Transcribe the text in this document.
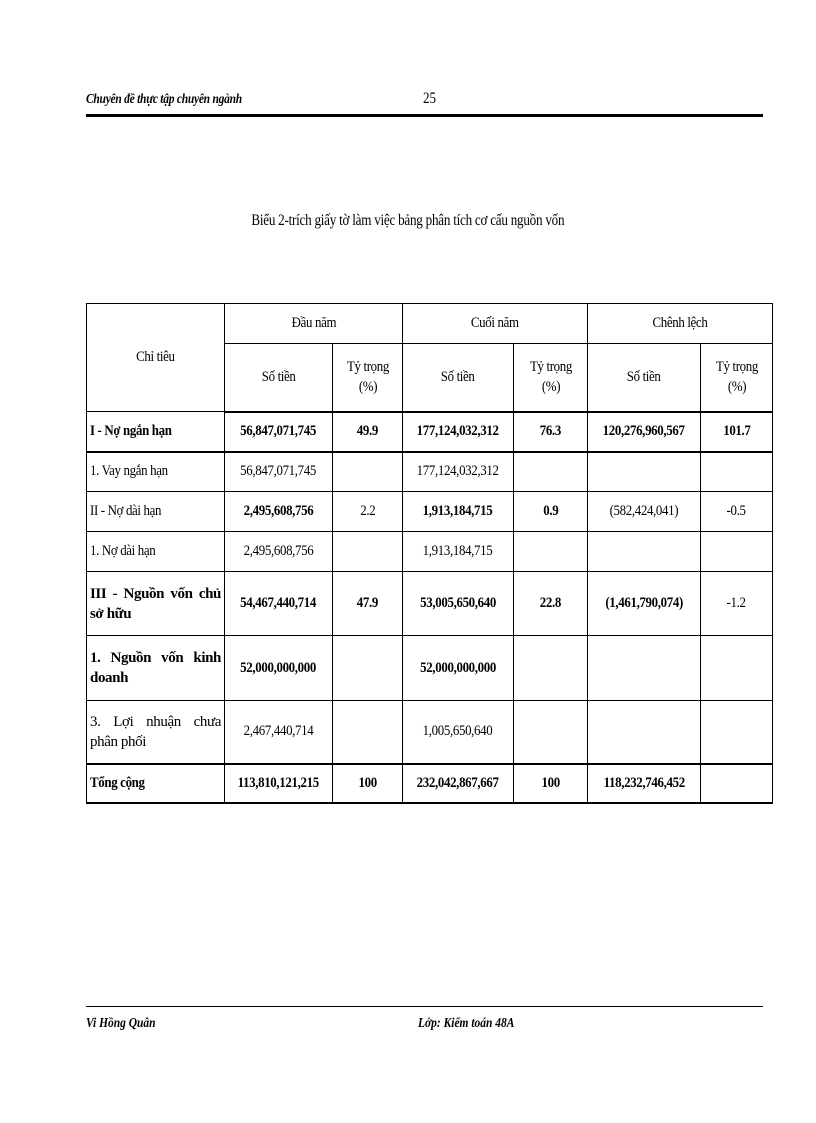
Chuyên đề thực tập chuyên ngành	25
Biểu 2-trích giấy tờ làm việc bảng phân tích cơ cấu nguồn vốn
Chỉ tiêu	Đầu năm		Cuối năm		Chênh lệch	
	Số tiền	Tỷ trọng (%)	Số tiền	Tỷ trọng (%)	Số tiền	Tỷ trọng (%)

I - Nợ ngắn hạn	56,847,071,745	49.9	177,124,032,312	76.3	120,276,960,567	101.7
1. Vay ngắn hạn	56,847,071,745		177,124,032,312			
II - Nợ dài hạn	2,495,608,756	2.2	1,913,184,715	0.9	(582,424,041)	-0.5
1. Nợ dài hạn	2,495,608,756		1,913,184,715			

III - Nguồn vốn chủ sở hữu	54,467,440,714	47.9	53,005,650,640	22.8	(1,461,790,074)	-1.2

1. Nguồn vốn kinh doanh	52,000,000,000		52,000,000,000			

3. Lợi nhuận chưa phân phối	2,467,440,714		1,005,650,640			
Tổng cộng	113,810,121,215	100	232,042,867,667	100	118,232,746,452	
Vi Hồng Quân	Lớp: Kiểm toán 48A
